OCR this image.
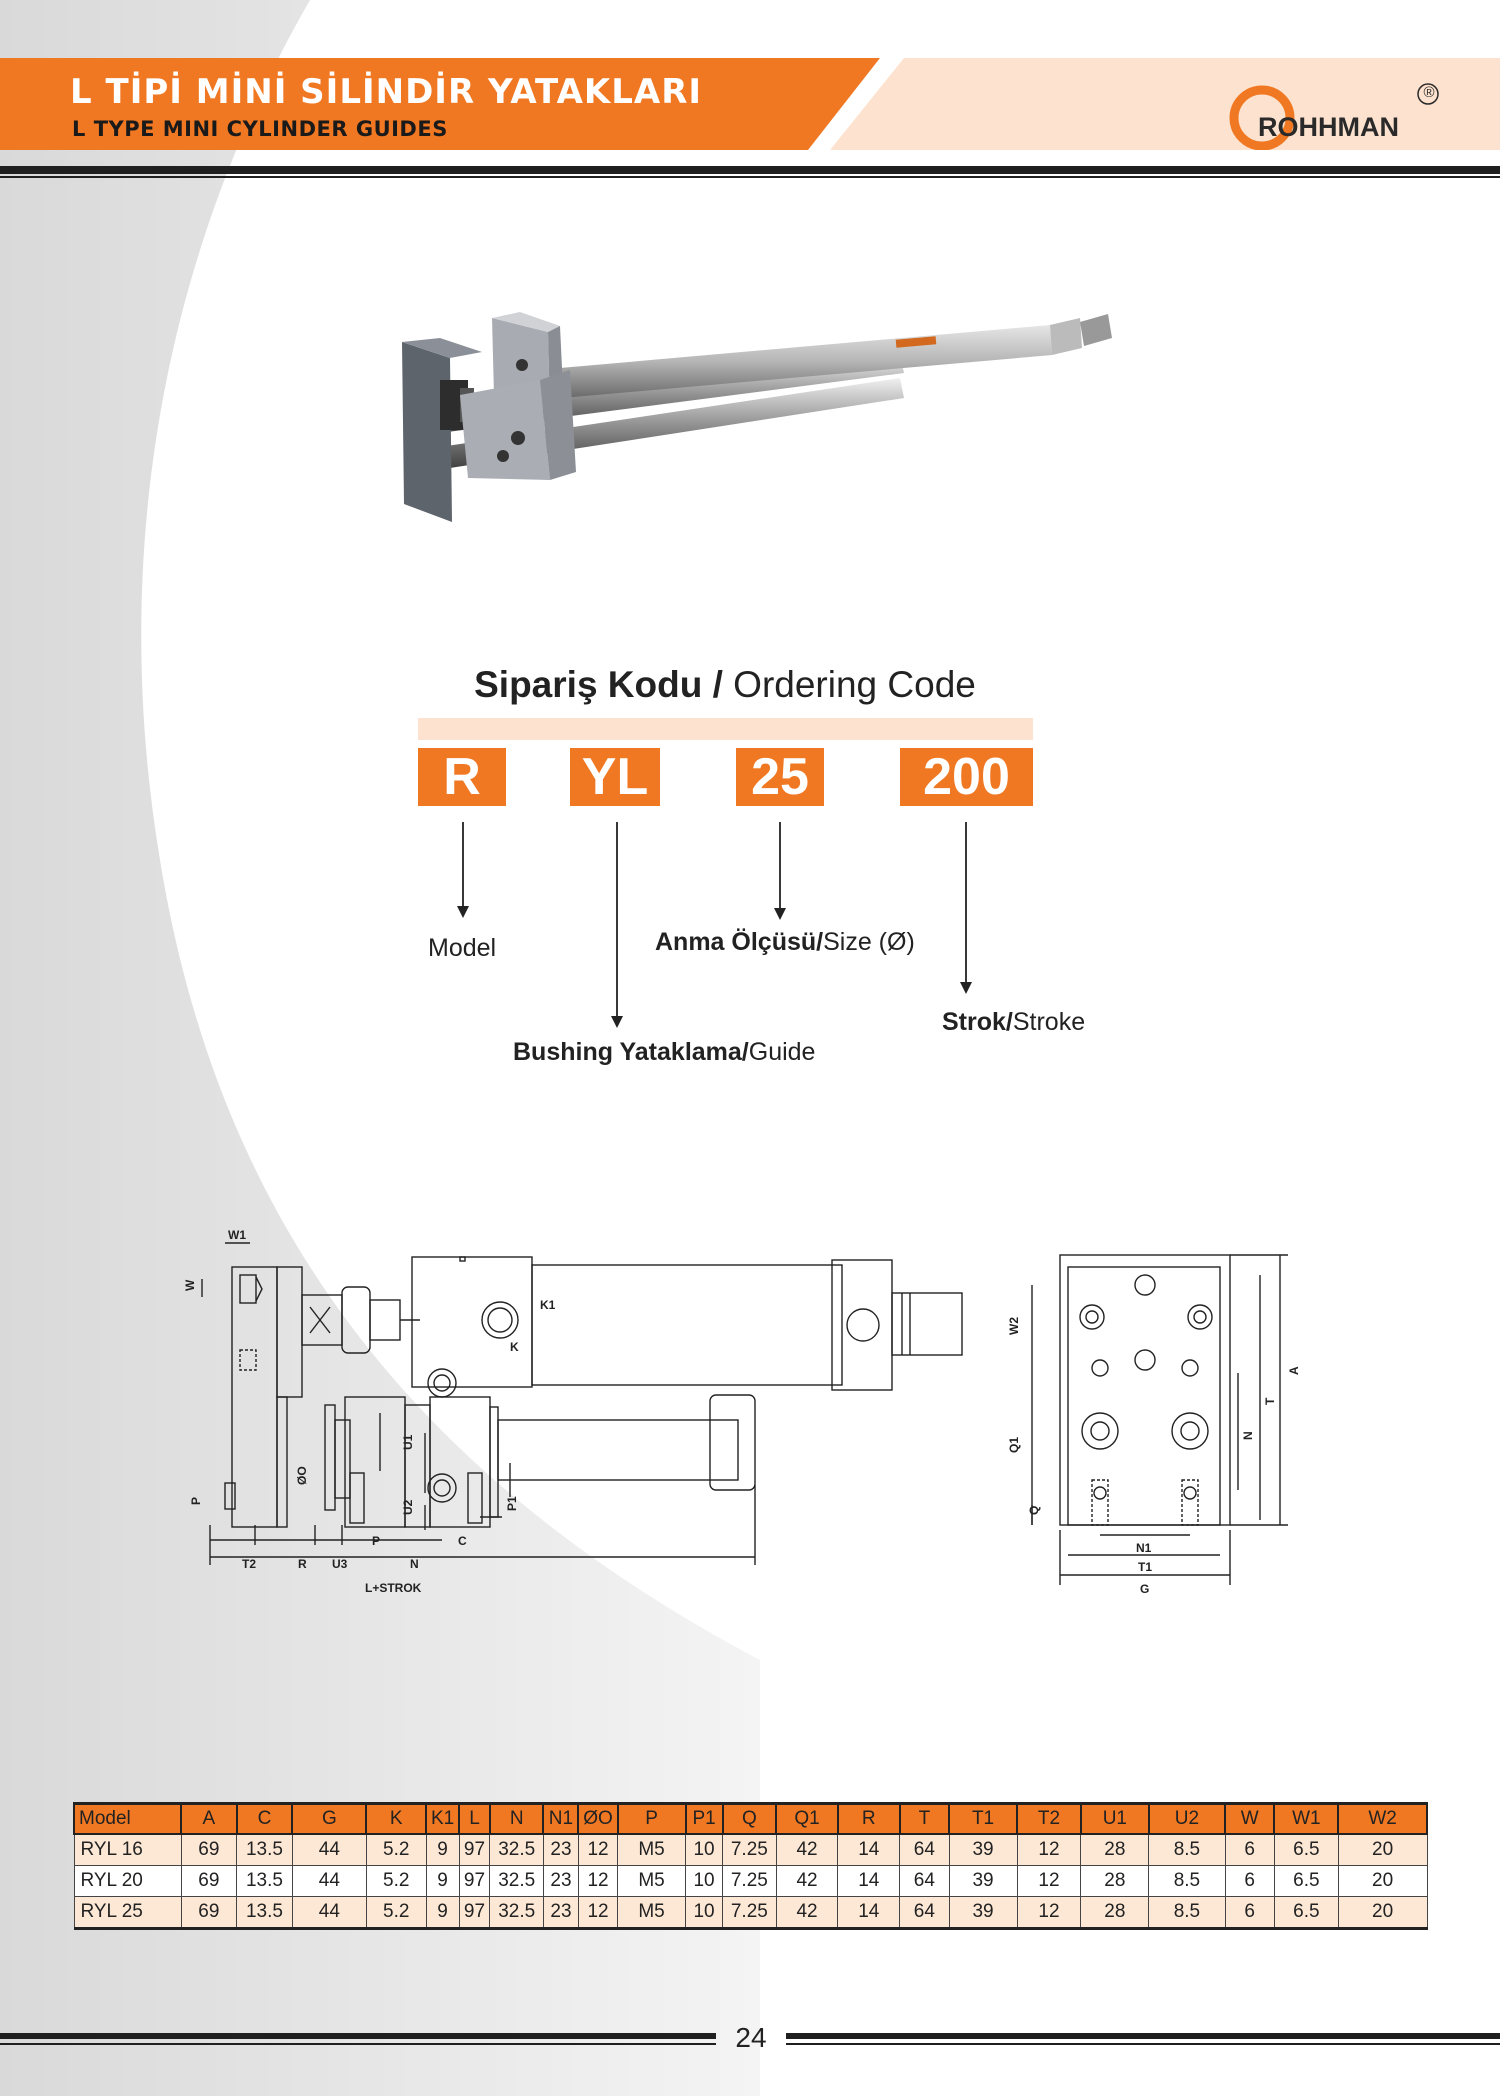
L TİPİ MİNİ SİLİNDİR YATAKLARI
L TYPE MINI CYLINDER GUIDES	ROHHMAN
®
Sipariş Kodu / Ordering Code
R	YL 25	200
Model	Anma Ölçüsü/Size (Ø)
Bushing Yataklama/Guide
Strok/Stroke
W1
W
K1
K
U1
ØO
U2	P1
P
P	C
T2	R U3	N
L+STROK
W2
Q1
Q
A
T
N
N1
T1
G
Model	A	C	G	K	K1	L	N	N1	ØO	P	P1	Q	Q1	R	T	T1	T2	U1	U2	W	W1	W2
RYL 16	69	13.5	44	5.2	9	97	32.5	23	12	M5	10	7.25	42	14	64	39	12	28	8.5	6	6.5	20
RYL 20	69	13.5	44	5.2	9	97	32.5	23	12	M5	10	7.25	42	14	64	39	12	28	8.5	6	6.5	20
RYL 25	69	13.5	44	5.2	9	97	32.5	23	12	M5	10	7.25	42	14	64	39	12	28	8.5	6	6.5	20
24
